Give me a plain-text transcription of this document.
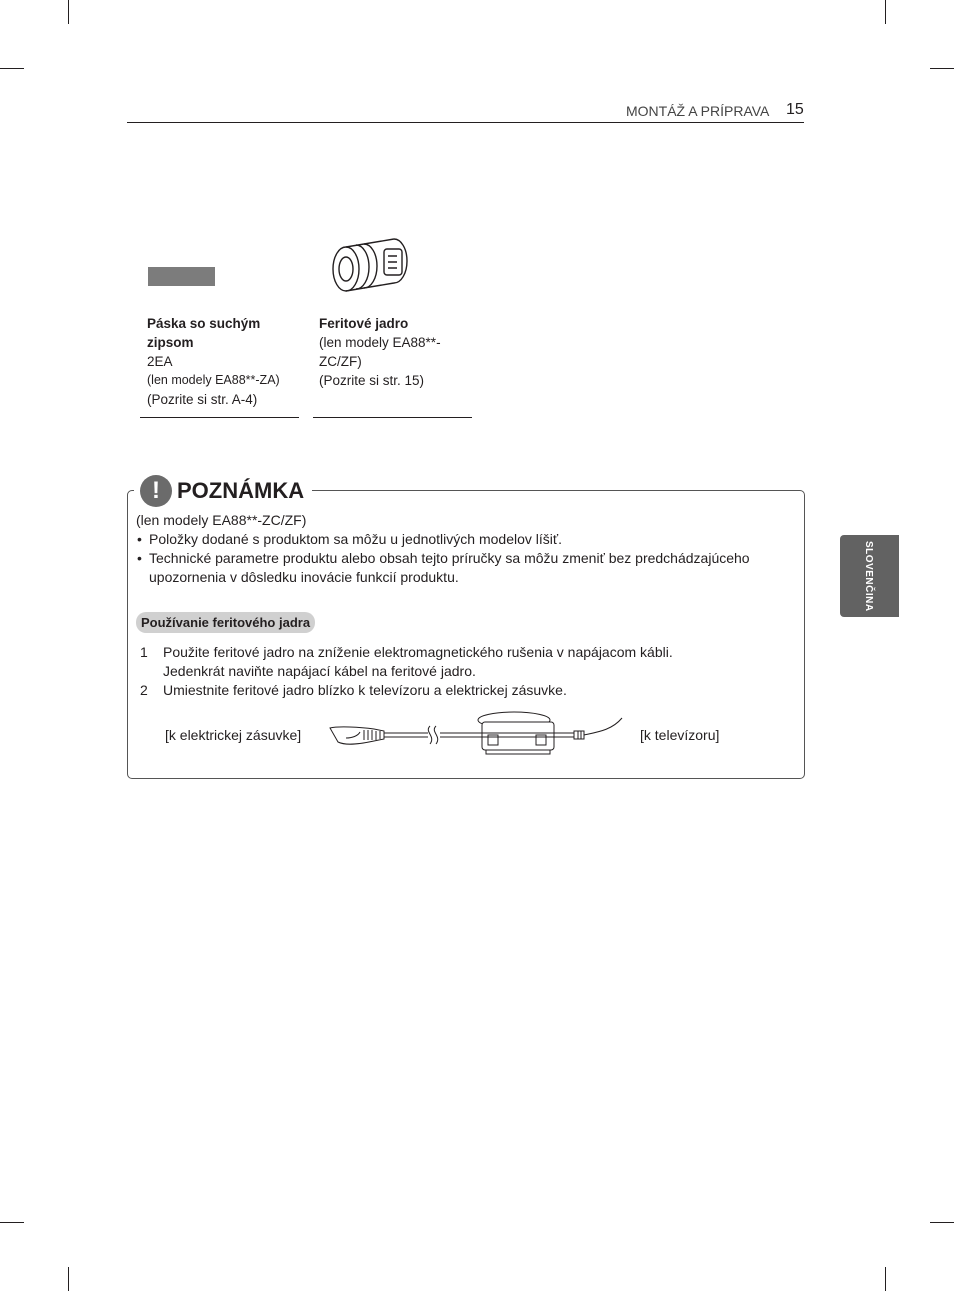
MONTÁŽ A PRÍPRAVA 15
SLOVENČINA
Páska so suchým
zipsom
2EA
(len modely EA88**-ZA)
(Pozrite si str. A-4)
Feritové jadro
(len modely EA88**-
ZC/ZF)
(Pozrite si str. 15)
! POZNÁMKA
(len modely EA88**-ZC/ZF)
• Položky dodané s produktom sa môžu u jednotlivých modelov líšiť.
• Technické parametre produktu alebo obsah tejto príručky sa môžu zmeniť bez predchádzajúceho
upozornenia v dôsledku inovácie funkcií produktu.
Používanie feritového jadra
1 Použite feritové jadro na zníženie elektromagnetického rušenia v napájacom kábli.
Jedenkrát naviňte napájací kábel na feritové jadro.
2 Umiestnite feritové jadro blízko k televízoru a elektrickej zásuvke.
[k elektrickej zásuvke]	[k televízoru]
